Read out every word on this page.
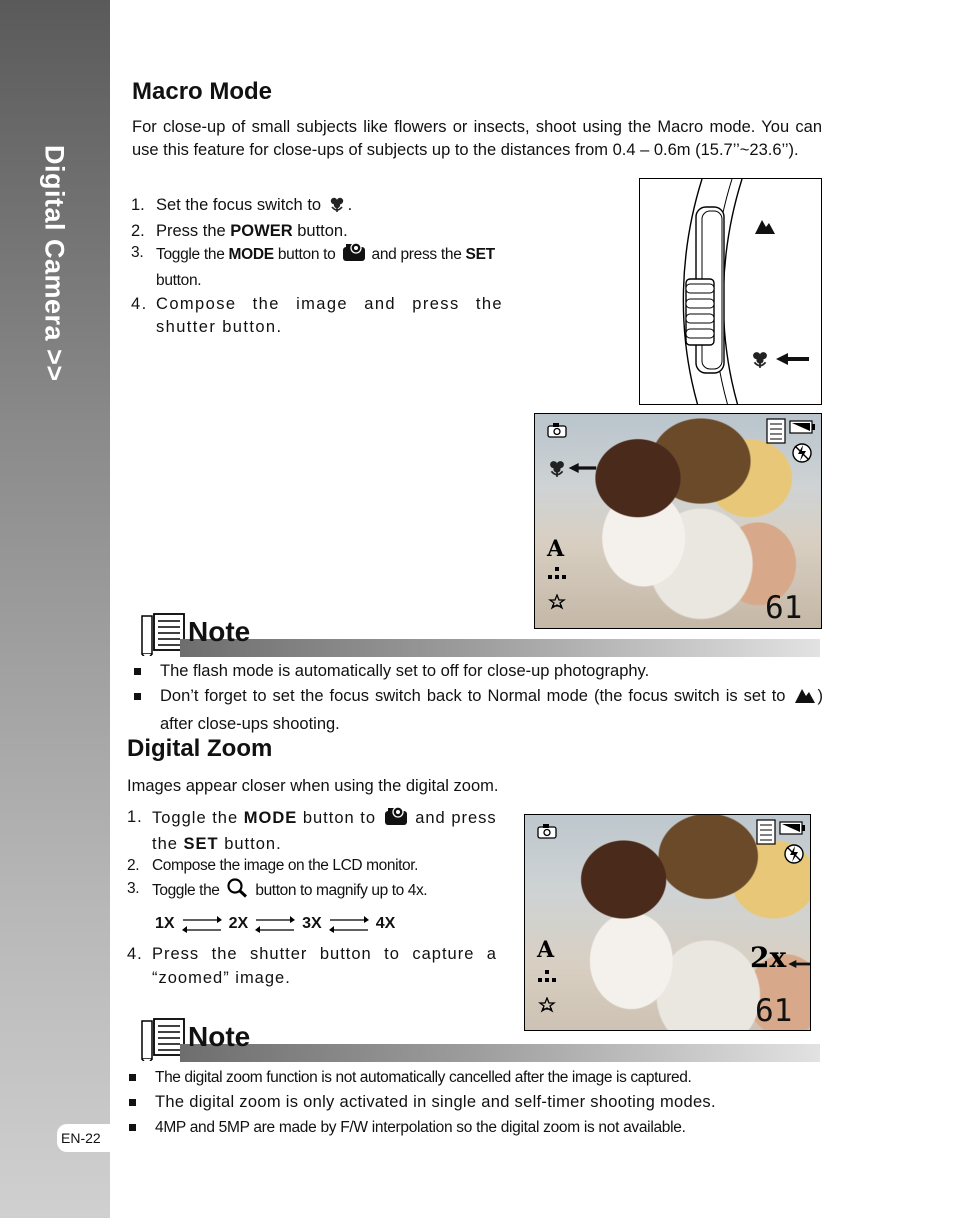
Digital Camera >>
EN-22
Macro Mode

For close-up of small subjects like flowers or insects, shoot using the Macro mode. You can use this feature for close-ups of subjects up to the distances from 0.4 – 0.6m (15.7’’~23.6’’).

1. Set the focus switch to .
2. Press the POWER button.
3. Toggle the MODE button to  and press the SET button.
4. Compose the image and press the shutter button.
A
61
Note
The flash mode is automatically set to off for close-up photography.
Don’t forget to set the focus switch back to Normal mode (the focus switch is set to ) after close-ups shooting.
Digital Zoom

Images appear closer when using the digital zoom.

1. Toggle the MODE button to  and press the SET button.
2. Compose the image on the LCD monitor.
3. Toggle the  button to magnify up to 4x.
1X	2X	3X	4X
4. Press the shutter button to capture a “zoomed” image.
A	2x
61
Note
The digital zoom function is not automatically cancelled after the image is captured.
The digital zoom is only activated in single and self-timer shooting modes.
4MP and 5MP are made by F/W interpolation so the digital zoom is not available.
